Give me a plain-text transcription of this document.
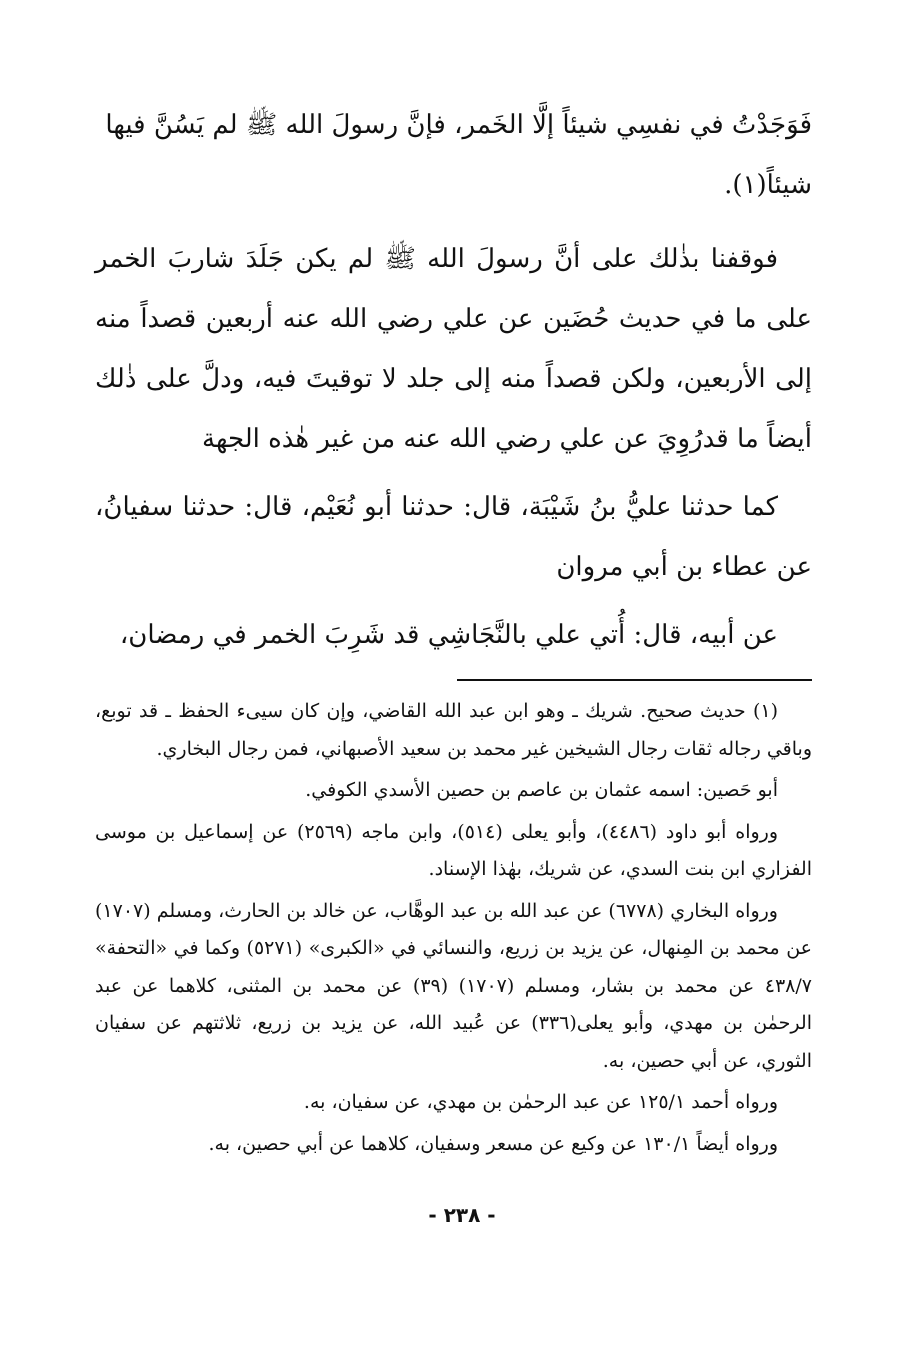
فَوَجَدْتُ في نفسِي شيئاً إلَّا الخَمر، فإنَّ رسولَ الله ﷺ لم يَسُنَّ فيها
شيئاً(١).

فوقفنا بذٰلك على أنَّ رسولَ الله ﷺ لم يكن جَلَدَ شاربَ الخمر على ما في حديث حُضَين عن علي رضي الله عنه أربعين قصداً منه إلى الأربعين، ولكن قصداً منه إلى جلد لا توقيتَ فيه، ودلَّ على ذٰلك أيضاً ما قدرُوِيَ عن علي رضي الله عنه من غير هٰذه الجهة

كما حدثنا عليُّ بنُ شَيْبَة، قال: حدثنا أبو نُعَيْم، قال: حدثنا سفيانُ، عن عطاء بن أبي مروان

عن أبيه، قال: أُتي علي بالنَّجَاشِي قد شَرِبَ الخمر في رمضان،

(١) حديث صحيح. شريك ـ وهو ابن عبد الله القاضي، وإن كان سيىء الحفظ ـ قد توبع، وباقي رجاله ثقات رجال الشيخين غير محمد بن سعيد الأصبهاني، فمن رجال البخاري.

أبو حَصين: اسمه عثمان بن عاصم بن حصين الأسدي الكوفي.

ورواه أبو داود (٤٤٨٦)، وأبو يعلى (٥١٤)، وابن ماجه (٢٥٦٩) عن إسماعيل بن موسى الفزاري ابن بنت السدي، عن شريك، بهٰذا الإسناد.

ورواه البخاري (٦٧٧٨) عن عبد الله بن عبد الوهَّاب، عن خالد بن الحارث، ومسلم (١٧٠٧) عن محمد بن المِنهال، عن يزيد بن زريع، والنسائي في «الكبرى» (٥٢٧١) وكما في «التحفة» ٤٣٨/٧ عن محمد بن بشار، ومسلم (١٧٠٧) (٣٩) عن محمد بن المثنى، كلاهما عن عبد الرحمٰن بن مهدي، وأبو يعلى(٣٣٦) عن عُبيد الله، عن يزيد بن زريع، ثلاثتهم عن سفيان الثوري، عن أبي حصين، به.

ورواه أحمد ١٢٥/١ عن عبد الرحمٰن بن مهدي، عن سفيان، به.

ورواه أيضاً ١٣٠/١ عن وكيع عن مسعر وسفيان، كلاهما عن أبي حصين، به.

- ٢٣٨ -
